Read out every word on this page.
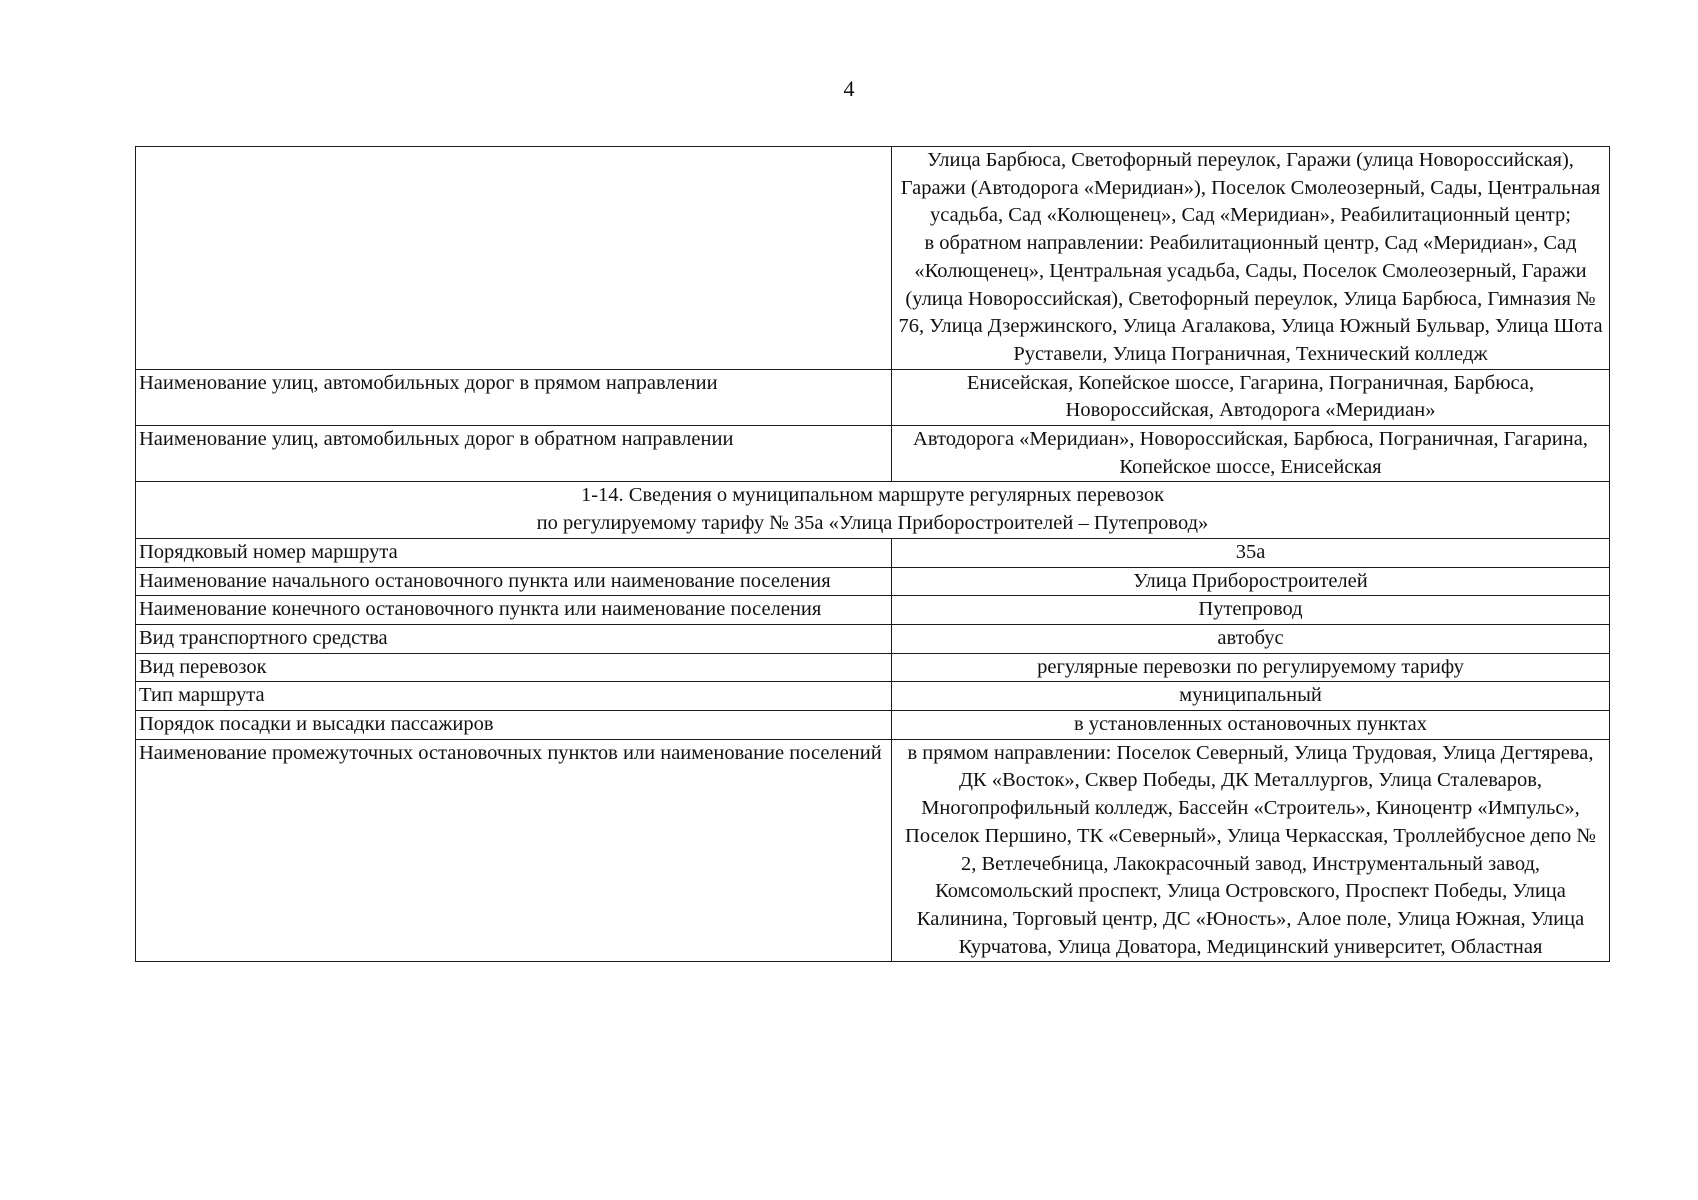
4

	Улица Барбюса, Светофорный переулок, Гаражи (улица Новороссийская), Гаражи (Автодорога «Меридиан»), Поселок Смолеозерный, Сады, Центральная усадьба, Сад «Колющенец», Сад «Меридиан», Реабилитационный центр;
в обратном направлении: Реабилитационный центр, Сад «Меридиан», Сад «Колющенец», Центральная усадьба, Сады, Поселок Смолеозерный, Гаражи (улица Новороссийская), Светофорный переулок, Улица Барбюса, Гимназия № 76, Улица Дзержинского, Улица Агалакова, Улица Южный Бульвар, Улица Шота Руставели, Улица Пограничная, Технический колледж

Наименование улиц, автомобильных дорог в прямом направлении	Енисейская, Копейское шоссе, Гагарина, Пограничная, Барбюса, Новороссийская, Автодорога «Меридиан»
Наименование улиц, автомобильных дорог в обратном направлении	Автодорога «Меридиан», Новороссийская, Барбюса, Пограничная, Гагарина, Копейское шоссе, Енисейская

1-14. Сведения о муниципальном маршруте регулярных перевозок
по регулируемому тарифу № 35а «Улица Приборостроителей – Путепровод»	

Порядковый номер маршрута	35а
Наименование начального остановочного пункта или наименование поселения	Улица Приборостроителей
Наименование конечного остановочного пункта или наименование поселения	Путепровод
Вид транспортного средства	автобус
Вид перевозок	регулярные перевозки по регулируемому тарифу
Тип маршрута	муниципальный
Порядок посадки и высадки пассажиров	в установленных остановочных пунктах
Наименование промежуточных остановочных пунктов или наименование поселений	в прямом направлении: Поселок Северный, Улица Трудовая, Улица Дегтярева, ДК «Восток», Сквер Победы, ДК Металлургов, Улица Сталеваров, Многопрофильный колледж, Бассейн «Строитель», Киноцентр «Импульс», Поселок Першино, ТК «Северный», Улица Черкасская, Троллейбусное депо № 2, Ветлечебница, Лакокрасочный завод, Инструментальный завод, Комсомольский проспект, Улица Островского, Проспект Победы, Улица Калинина, Торговый центр, ДС «Юность», Алое поле, Улица Южная, Улица Курчатова, Улица Доватора, Медицинский университет, Областная
